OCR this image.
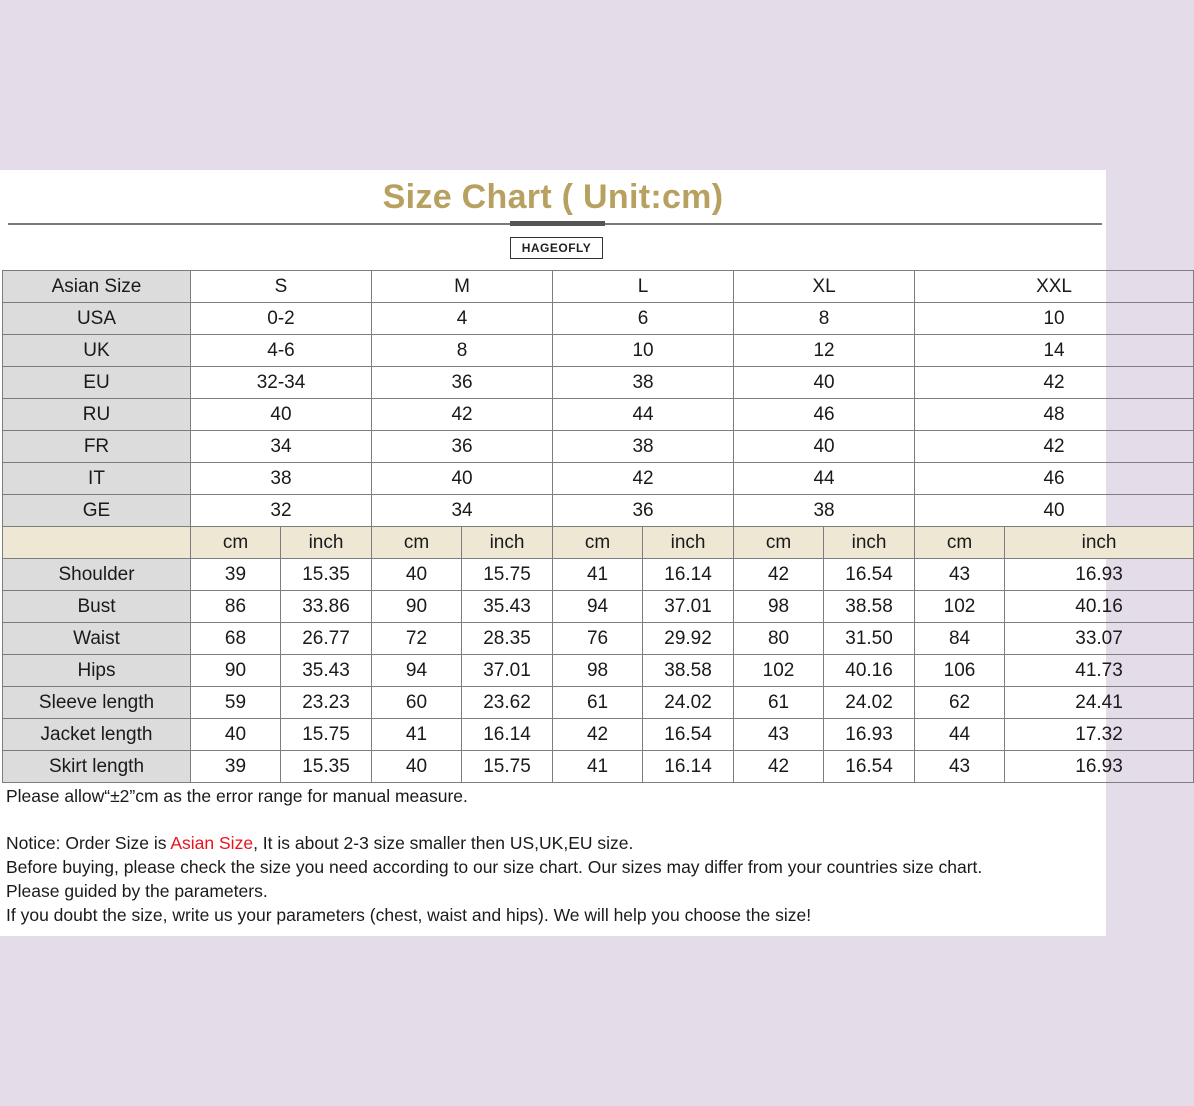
Size Chart ( Unit:cm)
HAGEOFLY
Asian Size	S		M		L		XL		XXL	
USA	0-2		4		6		8		10	
UK	4-6		8		10		12		14	
EU	32-34		36		38		40		42	
RU	40		42		44		46		48	
FR	34		36		38		40		42	
IT	38		40		42		44		46	
GE	32		34		36		38		40	
	cm	inch	cm	inch	cm	inch	cm	inch	cm	inch
Shoulder	39	15.35	40	15.75	41	16.14	42	16.54	43	16.93
Bust	86	33.86	90	35.43	94	37.01	98	38.58	102	40.16
Waist	68	26.77	72	28.35	76	29.92	80	31.50	84	33.07
Hips	90	35.43	94	37.01	98	38.58	102	40.16	106	41.73
Sleeve length	59	23.23	60	23.62	61	24.02	61	24.02	62	24.41
Jacket length	40	15.75	41	16.14	42	16.54	43	16.93	44	17.32
Skirt length	39	15.35	40	15.75	41	16.14	42	16.54	43	16.93
Please allow“±2”cm as the error range for manual measure.
Notice: Order Size is Asian Size, It is about 2-3 size smaller then US,UK,EU size.
Before buying, please check the size you need according to our size chart. Our sizes may differ from your countries size chart.
Please guided by the parameters.
If you doubt the size, write us your parameters (chest, waist and hips). We will help you choose the size!
